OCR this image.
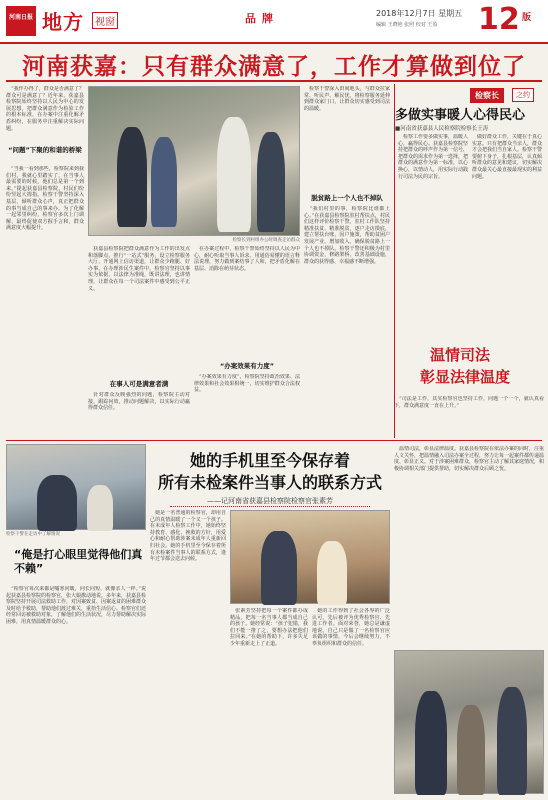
河南日报 地方	视窗	品牌	2018年12月7日 星期五
编辑 王晓艳 张照 校对 王盈	12 版
河南获嘉：只有群众满意了，工作才算做到位了
　“我作办得了，群众是否满意了？群众可是满意了？近年来，获嘉县检察院始终坚持以人民为中心的发展思想，把群众满意作为检验工作的根本标准，在办案中注重化解矛盾纠纷，在服务中注重解决实际问题。
“问题”下聚的和谐的桥梁
　“当我一看到那些，检察院来到我们村，我就心里踏实了，在当事人最需要的时候，他们总是第一个到来。”提起获嘉县检察院，村民们纷纷竖起大拇指。检察干警坚持深入基层，倾听群众心声，真正把群众的事当成自己的事来办。为了化解一起邻里纠纷，检察官多次上门调解，最终促使双方握手言和，群众满意度大幅提升。
检察长到村组办公时调查走访群众
　获嘉县检察院把群众满意作为工作的出发点和落脚点，推行“一站式”服务，设立检察服务大厅，开通网上信访渠道，让群众少跑腿、好办事。在办理涉民生案件中，检察官坚持以事实为依据、以法律为准绳，既讲法理，也讲情理，让群众在每一个司法案件中感受到公平正义。
在事人可是满意者满
　针对群众反映强烈的问题，检察院主动对接，跟踪问效，推动问题解决，以实际行动赢得群众信任。
　在办案过程中，检察干警始终坚持以人民为中心，耐心听取当事人诉求，用通俗易懂的语言释法说理，努力做到案结事了人和，把矛盾化解在基层、消除在萌芽状态。
“办案效果有力度”
　“办案效果有力度”，检察院坚持政治效果、法律效果和社会效果相统一，切实维护群众合法权益。
　检察干警深入田间地头，与群众拉家常、听民声、解民忧，将检察服务延伸到群众家门口，让群众切实感受到司法的温暖。
脱贫路上一个人也不掉队
　“我们村里的事，检察院比谁都上心。”在获嘉县检察院驻村帮扶点，村民们这样评价检察干警。驻村工作队坚持精准扶贫、精准脱贫，逐户走访摸底，建立帮扶台账，因户施策，帮助贫困户发展产业、增加收入，确保脱贫路上一个人也不掉队。检察干警还积极为村里协调资金，修路架桥，改善基础设施，群众的获得感、幸福感不断增强。
检察长	之约
多做实事暖人心得民心
■河南省获嘉县人民检察院检察长王涛
　检察工作要多做实事，温暖人心，赢得民心。获嘉县检察院坚持把群众的呼声作为第一信号，把群众的需求作为第一选择，把群众的满意作为第一标准，以心换心，以情动人，用实际行动践行司法为民的宗旨。
　做好群众工作，关键在于真心实意。只有把群众当亲人，群众才会把我们当自家人。检察干警要俯下身子，扎根基层，认真倾听群众的意见和建议，切实解决群众最关心最直接最现实的利益问题。
温情司法
彰显法律温度
　“司法是工作，其实检察官也坚持工作，问题一个一个，就认真看下，群众满意度一直在上升。”
检察干警在走访中了解情况
“俺是打心眼里觉得他们真不赖”
　“检察官每次来都是嘘寒问暖，问长问短，就像亲人一样。”说起获嘉县检察院的检察官，张大娘激动地说。多年来，获嘉县检察院坚持开展司法救助工作，对因案致贫、因案返贫的困难群众及时给予救助，帮助他们渡过难关，重拾生活信心。检察官们还经常回访被救助对象，了解他们的生活状况，尽力帮助解决实际困难，用真情温暖群众的心。
她的手机里至今保存着
所有未检案件当事人的联系方式
——记河南省获嘉县检察院检察官张素芳
　她是一名普通的检察官，却用自己的真情温暖了一个又一个孩子。在未成年人检察工作中，她始终坚持教育、感化、挽救的方针，用爱心和耐心帮助涉案未成年人重新回归社会。她的手机里至今保存着所有未检案件当事人的联系方式，逢年过节都会送去问候。
　张素芳坚持把每一个案件都办成精品，把每一名当事人都当成自己的孩子。她经常说：“孩子犯错，我们不能一推了之，要想办法把他们拉回来。”在她的帮助下，许多失足少年重新走上了正道。
　她的工作得到了社会各界的广泛认可，先后被评为优秀检察官、先进工作者。面对荣誉，她总是谦虚地说，自己只是做了一名检察官应该做的事情，今后会继续努力，不辜负组织和群众的信任。
　温情司法，彰显法律温度。获嘉县检察院在依法办案的同时，注重人文关怀，把温情融入司法办案全过程，努力让每一起案件都传递温度、彰显正义。对于涉案困难群众，检察官主动了解其家庭情况，积极协调相关部门提供帮助，切实解决群众后顾之忧。
